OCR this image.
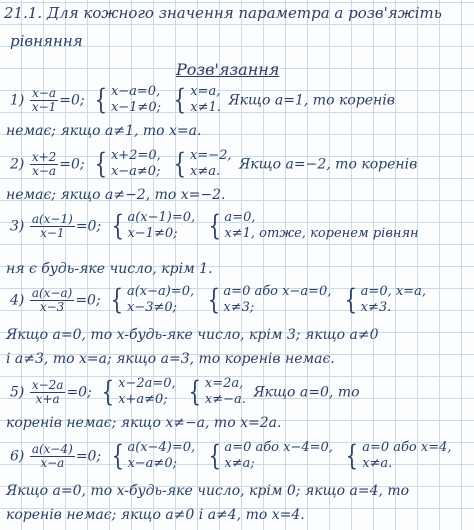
21.1. Для кожного значення параметра a розв'яжіть
рівняння
Розв'язання
$1) \frac{x-a}{x-1} =0$; { x−a=0,
x−1≠0;
{ x=a,
x≠1. Якщо a=1, то коренів
немає; якщо a≠1, то x=a.
$2) \frac{x+2}{x-a} =0$; { x+2=0,
x−a≠0;
{ x=−2,
x≠a.	Якщо a=−2, то коренів
немає; якщо a≠−2, то x=−2.
$3) \frac{a(x-1)}{x-1} =0$; { a(x−1)=0,
x−1≠0;
	{ a=0,
x≠1, отже, коренем рівнян
ня є будь-яке число, крім 1.
$4) \frac{a(x-a)}{x-3} =0$; { a(x−a)=0,
x−3≠0;
	{ a=0 або x−a=0,
x≠3;
	{ a=0, x=a,
x≠3.
Якщо a=0, то x-будь-яке число, крім 3; якщо a≠0
і a≠3, то x=a; якщо a=3, то коренів немає.
$5) \frac{x-2a}{x+a} =0$; { x−2a=0,
x+a≠0;
{ x=2a,
x≠−a. Якщо a=0, то
коренів немає; якщо x≠−a, то x=2a.
$6) \frac{a(x-4)}{x-a} =0$; { a(x−4)=0,
x−a≠0;
	{ a=0 або x−4=0,
x≠a;
	{ a=0 або x=4,
x≠a.
Якщо a=0, то x-будь-яке число, крім 0; якщо a=4, то
коренів немає; якщо a≠0 і a≠4, то x=4.
